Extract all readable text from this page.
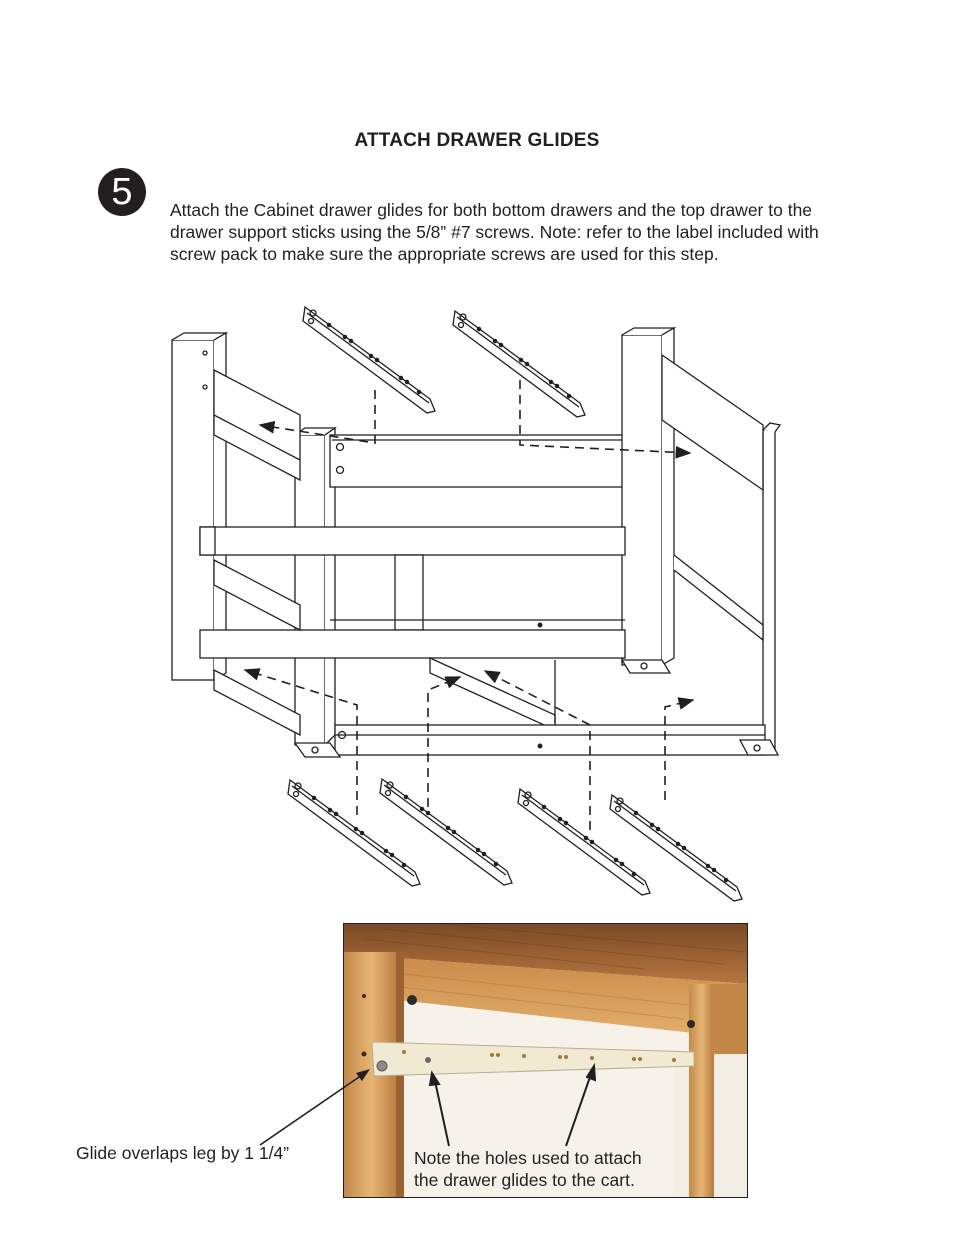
ATTACH DRAWER GLIDES
5	Attach the Cabinet drawer glides for both bottom drawers and the top drawer to the
drawer support sticks using the 5/8” #7 screws. Note: refer to the label included with
screw pack to make sure the appropriate screws are used for this step.
Note the holes used to attach
the drawer glides to the cart.
Glide overlaps leg by 1 1/4”
